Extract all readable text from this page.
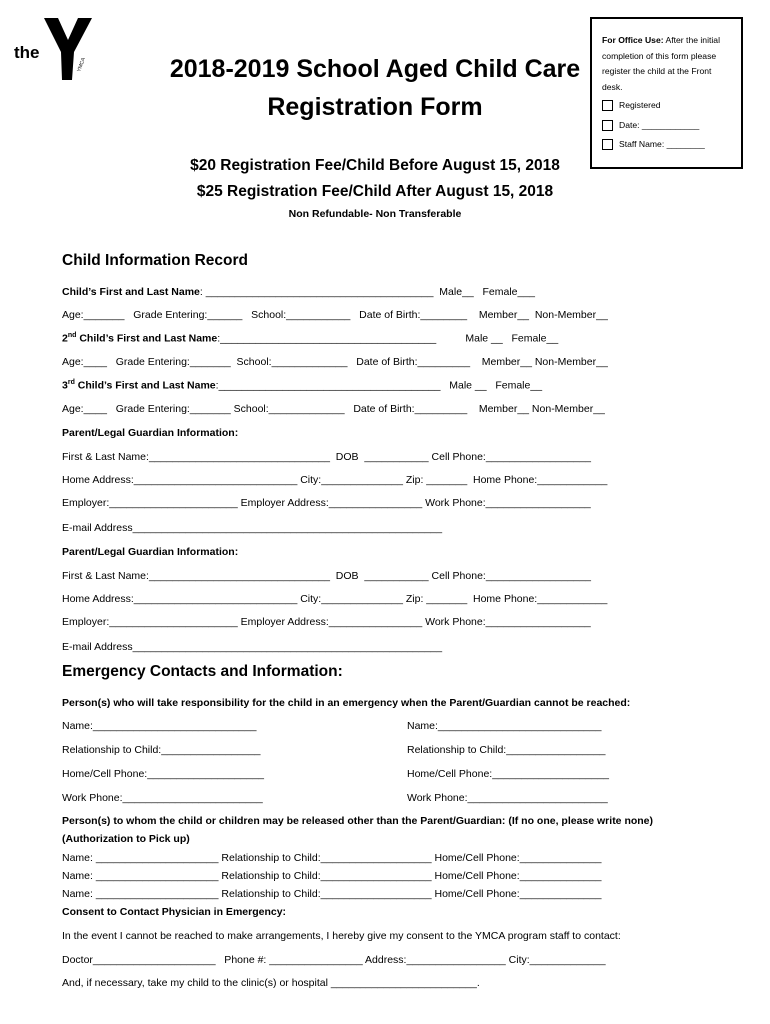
the
YMCA	2018-2019 School Aged Child Care
Registration Form
$20 Registration Fee/Child Before August 15, 2018
$25 Registration Fee/Child After August 15, 2018
Non Refundable- Non Transferable
For Office Use: After the initial completion of this form please register the child at the Front desk.
Registered
Date: ____________
Staff Name: ________
Child Information Record
Child’s First and Last Name: _______________________________________  Male__   Female___
Age:_______   Grade Entering:______   School:___________   Date of Birth:________    Member__  Non-Member__
2nd Child’s First and Last Name:_____________________________________          Male __   Female__
Age:____   Grade Entering:_______  School:_____________   Date of Birth:_________    Member__ Non-Member__
3rd Child’s First and Last Name:______________________________________   Male __   Female__
Age:____   Grade Entering:_______ School:_____________   Date of Birth:_________    Member__ Non-Member__
Parent/Legal Guardian Information:
First & Last Name:_______________________________  DOB  ___________ Cell Phone:__________________
Home Address:____________________________ City:______________ Zip: _______  Home Phone:____________
Employer:______________________ Employer Address:________________ Work Phone:__________________
E-mail Address_____________________________________________________
Parent/Legal Guardian Information:
First & Last Name:_______________________________  DOB  ___________ Cell Phone:__________________
Home Address:____________________________ City:______________ Zip: _______  Home Phone:____________
Employer:______________________ Employer Address:________________ Work Phone:__________________
E-mail Address_____________________________________________________
Emergency Contacts and Information:
Person(s) who will take responsibility for the child in an emergency when the Parent/Guardian cannot be reached:
Name:____________________________	Name:____________________________
Relationship to Child:_________________	Relationship to Child:_________________
Home/Cell Phone:____________________	Home/Cell Phone:____________________
Work Phone:________________________	Work Phone:________________________
Person(s) to whom the child or children may be released other than the Parent/Guardian: (If no one, please write none)
(Authorization to Pick up)
Name: _____________________ Relationship to Child:___________________ Home/Cell Phone:______________
Name: _____________________ Relationship to Child:___________________ Home/Cell Phone:______________
Name: _____________________ Relationship to Child:___________________ Home/Cell Phone:______________
Consent to Contact Physician in Emergency:
In the event I cannot be reached to make arrangements, I hereby give my consent to the YMCA program staff to contact:
Doctor_____________________   Phone #: ________________ Address:_________________ City:_____________
And, if necessary, take my child to the clinic(s) or hospital _________________________.
